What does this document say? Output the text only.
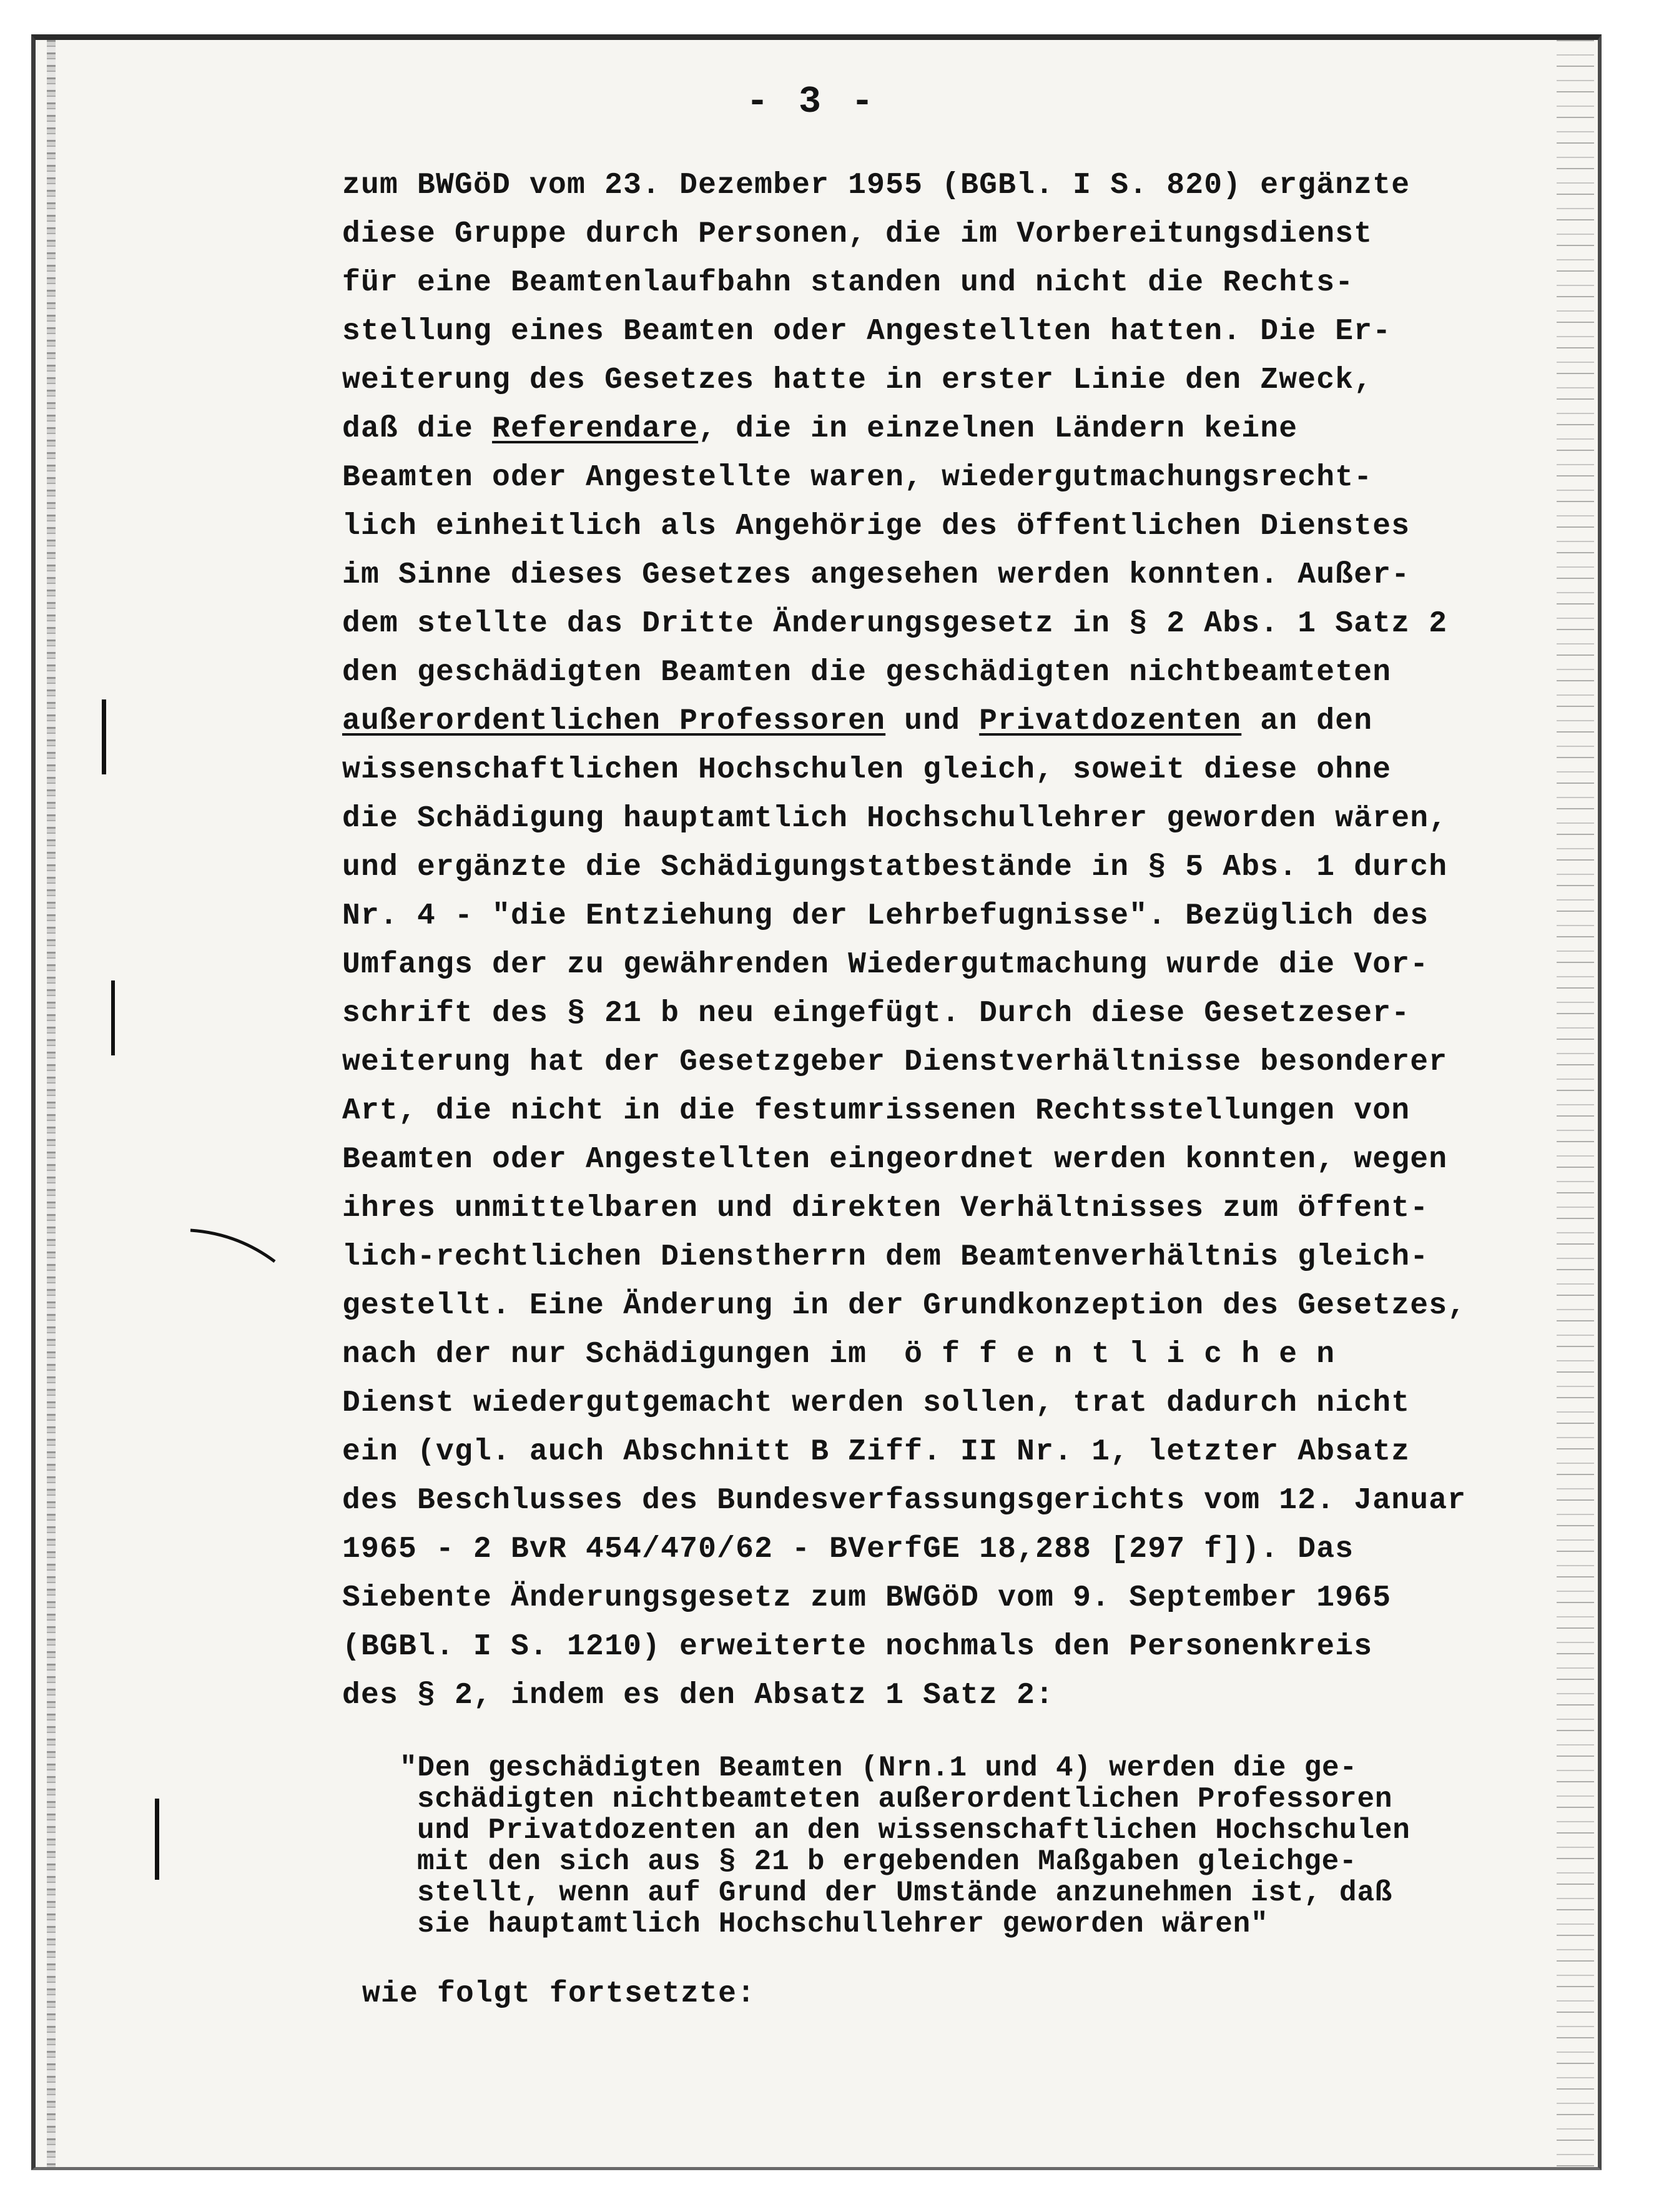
- 3 -
zum BWGöD vom 23. Dezember 1955 (BGBl. I S. 820) ergänzte
diese Gruppe durch Personen, die im Vorbereitungsdienst
für eine Beamtenlaufbahn standen und nicht die Rechts-
stellung eines Beamten oder Angestellten hatten. Die Er-
weiterung des Gesetzes hatte in erster Linie den Zweck,
daß die Referendare, die in einzelnen Ländern keine
Beamten oder Angestellte waren, wiedergutmachungsrecht-
lich einheitlich als Angehörige des öffentlichen Dienstes
im Sinne dieses Gesetzes angesehen werden konnten. Außer-
dem stellte das Dritte Änderungsgesetz in § 2 Abs. 1 Satz 2
den geschädigten Beamten die geschädigten nichtbeamteten
außerordentlichen Professoren und Privatdozenten an den
wissenschaftlichen Hochschulen gleich, soweit diese ohne
die Schädigung hauptamtlich Hochschullehrer geworden wären,
und ergänzte die Schädigungstatbestände in § 5 Abs. 1 durch
Nr. 4 - "die Entziehung der Lehrbefugnisse". Bezüglich des
Umfangs der zu gewährenden Wiedergutmachung wurde die Vor-
schrift des § 21 b neu eingefügt. Durch diese Gesetzeser-
weiterung hat der Gesetzgeber Dienstverhältnisse besonderer
Art, die nicht in die festumrissenen Rechtsstellungen von
Beamten oder Angestellten eingeordnet werden konnten, wegen
ihres unmittelbaren und direkten Verhältnisses zum öffent-
lich-rechtlichen Dienstherrn dem Beamtenverhältnis gleich-
gestellt. Eine Änderung in der Grundkonzeption des Gesetzes,
nach der nur Schädigungen im  ö f f e n t l i c h e n
Dienst wiedergutgemacht werden sollen, trat dadurch nicht
ein (vgl. auch Abschnitt B Ziff. II Nr. 1, letzter Absatz
des Beschlusses des Bundesverfassungsgerichts vom 12. Januar
1965 - 2 BvR 454/470/62 - BVerfGE 18,288 [297 f]). Das
Siebente Änderungsgesetz zum BWGöD vom 9. September 1965
(BGBl. I S. 1210) erweiterte nochmals den Personenkreis
des § 2, indem es den Absatz 1 Satz 2:
"Den geschädigten Beamten (Nrn.1 und 4) werden die ge-
schädigten nichtbeamteten außerordentlichen Professoren
und Privatdozenten an den wissenschaftlichen Hochschulen
mit den sich aus § 21 b ergebenden Maßgaben gleichge-
stellt, wenn auf Grund der Umstände anzunehmen ist, daß
sie hauptamtlich Hochschullehrer geworden wären"
wie folgt fortsetzte:
